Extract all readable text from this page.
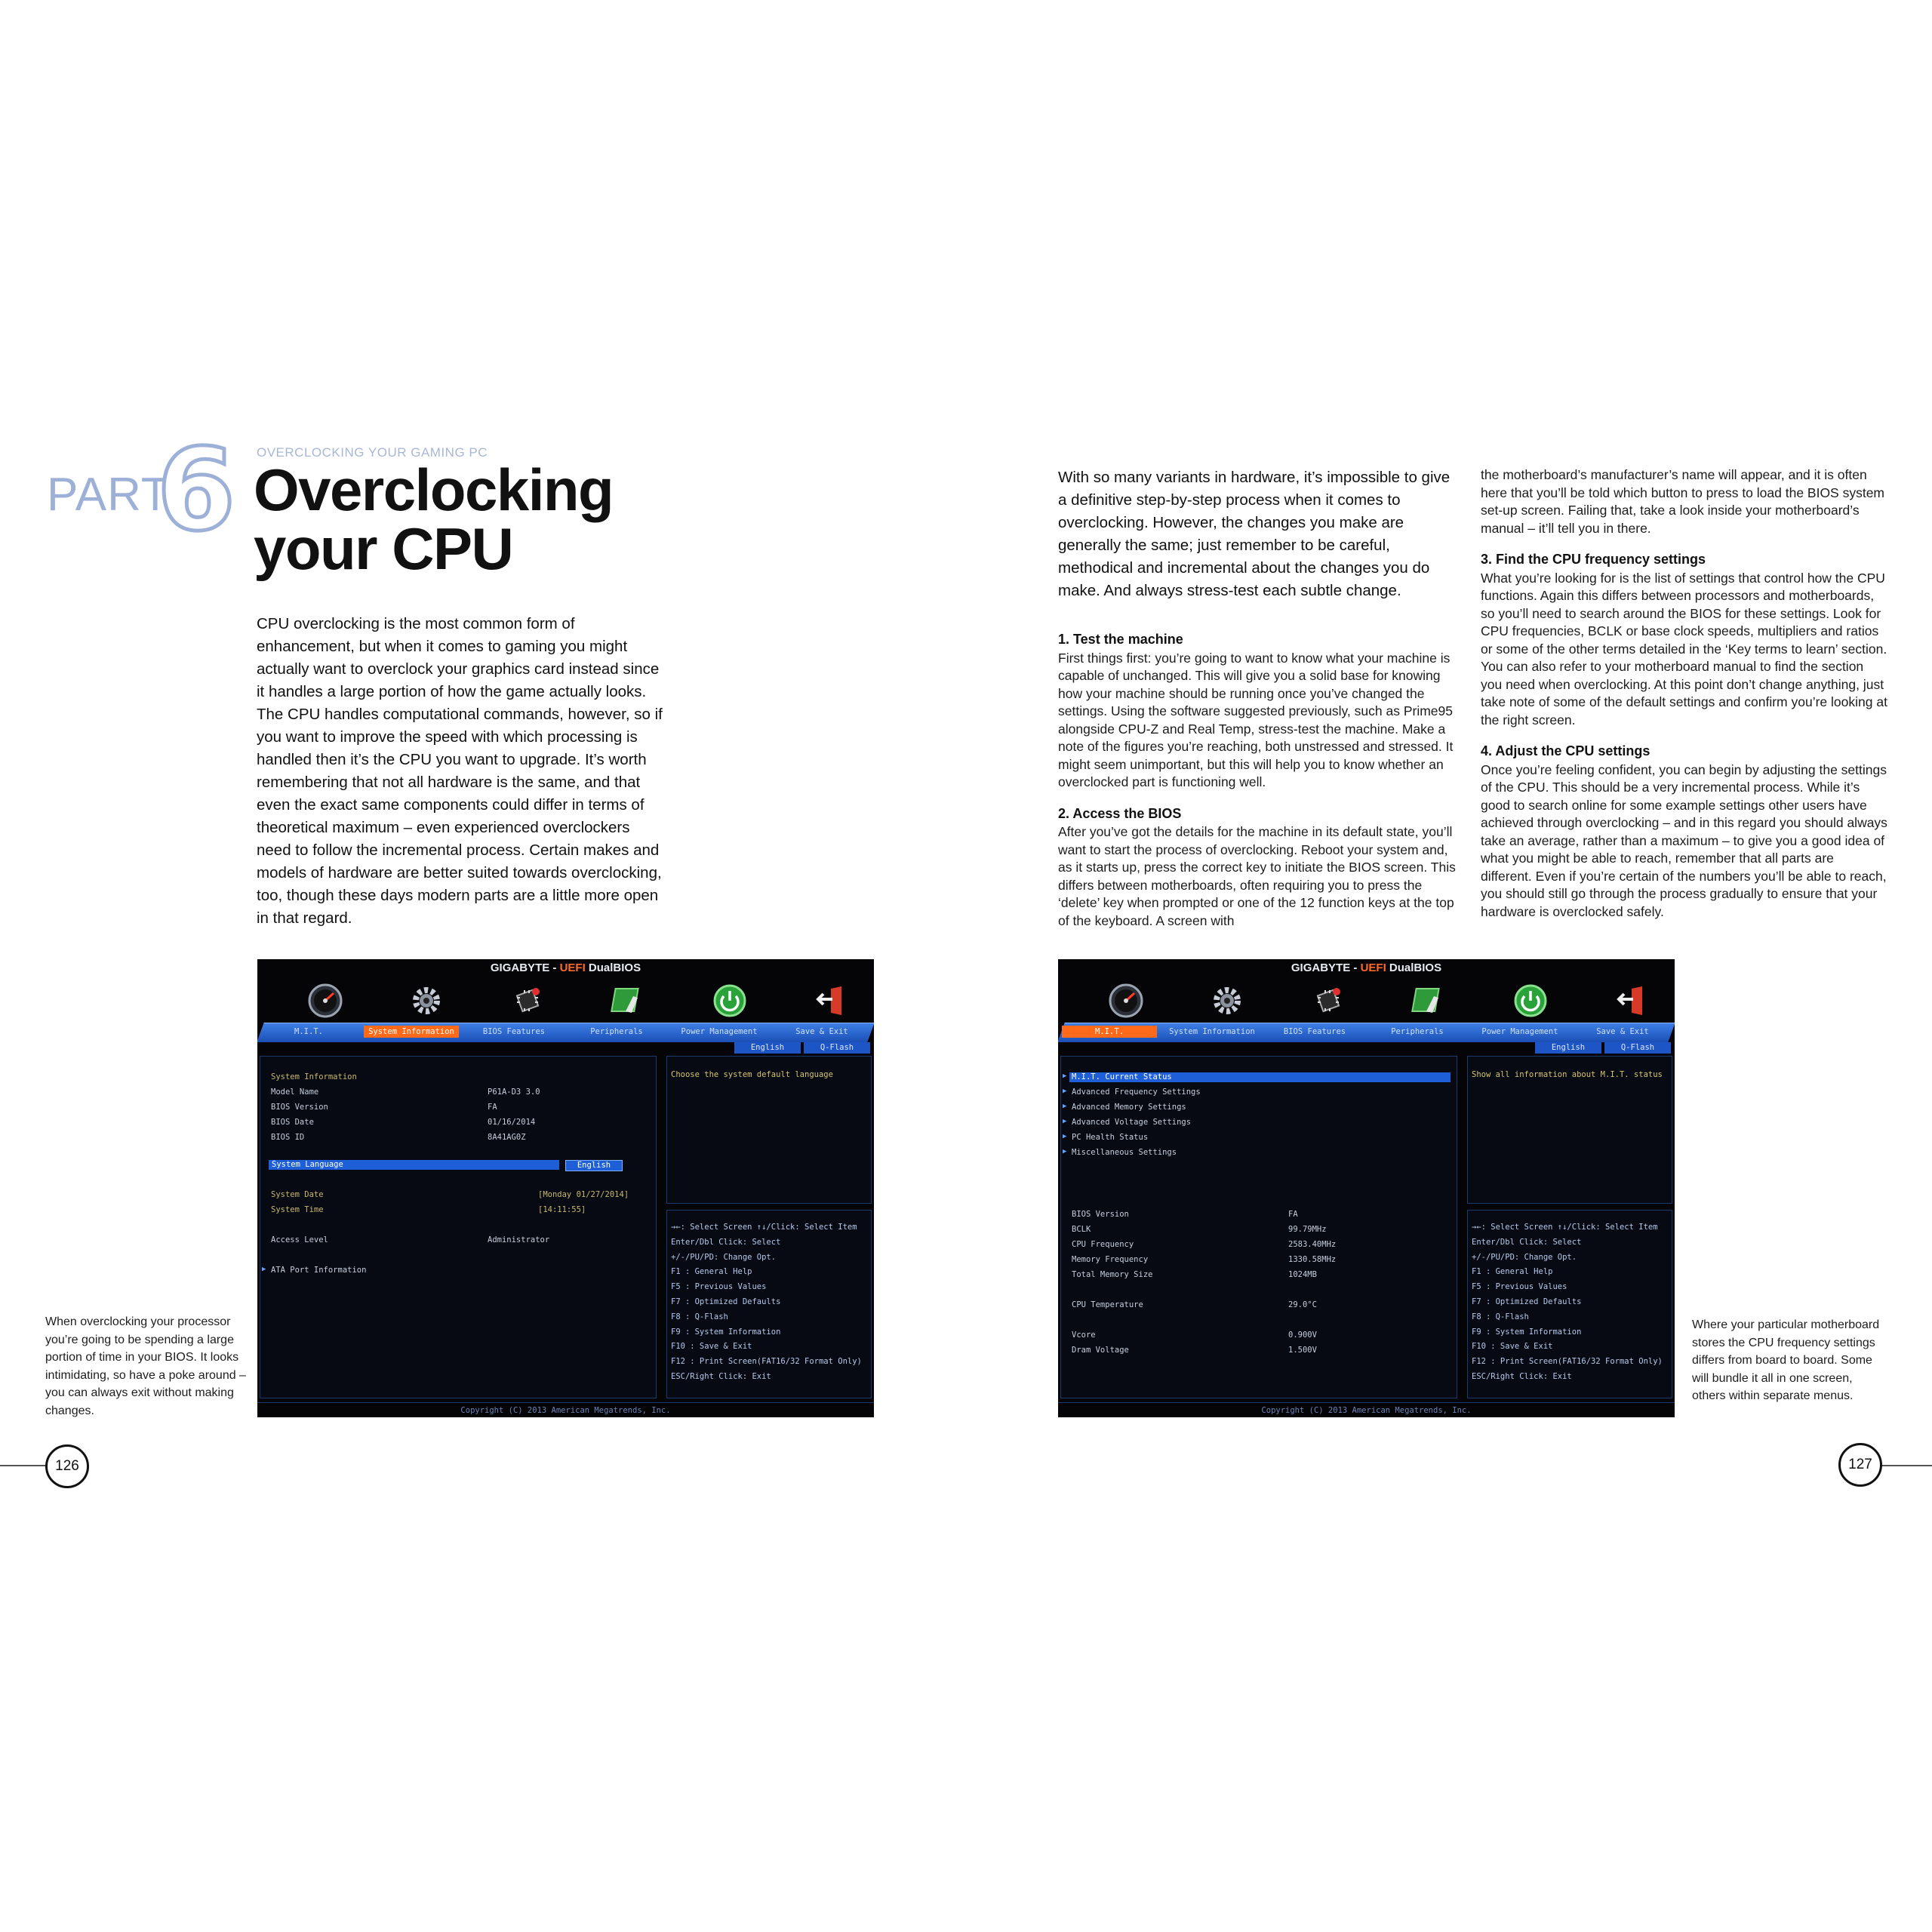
OVERCLOCKING YOUR GAMING PC
PART
6 Overclocking
your CPU
CPU overclocking is the most common form of enhancement, but when it comes to gaming you might actually want to overclock your graphics card instead since it handles a large portion of how the game actually looks. The CPU handles computational commands, however, so if you want to improve the speed with which processing is handled then it’s the CPU you want to upgrade. It’s worth remembering that not all hardware is the same, and that even the exact same components could differ in terms of theoretical maximum – even experienced overclockers need to follow the incremental process. Certain makes and models of hardware are better suited towards overclocking, too, though these days modern parts are a little more open in that regard.
GIGABYTE - UEFI DualBIOS
M.I.T.	System Information	BIOS Features	Peripherals	Power Management	Save & Exit
English	Q-Flash
Choose the system default language
→←: Select Screen ↑↓/Click: Select Item
Enter/Dbl Click: Select
+/-/PU/PD: Change Opt.
F1 : General Help
F5 : Previous Values
F7 : Optimized Defaults
F8 : Q-Flash
F9 : System Information
F10 : Save & Exit
F12 : Print Screen(FAT16/32 Format Only)
ESC/Right Click: Exit
Copyright (C) 2013 American Megatrends, Inc.
System Information
Model Name	P61A-D3 3.0
BIOS Version	FA
BIOS Date	01/16/2014
BIOS ID	8A41AG0Z
System Language	English
System Date	[Monday 01/27/2014]
System Time	[14:11:55]
Access Level	Administrator
▶ ATA Port Information
When overclocking your processor you’re going to be spending a large portion of time in your BIOS. It looks intimidating, so have a poke around – you can always exit without making changes.
126
With so many variants in hardware, it’s impossible to give a definitive step-by-step process when it comes to overclocking. However, the changes you make are generally the same; just remember to be careful, methodical and incremental about the changes you do make. And always stress-test each subtle change.
1. Test the machine

First things first: you’re going to want to know what your machine is capable of unchanged. This will give you a solid base for knowing how your machine should be running once you’ve changed the settings. Using the software suggested previously, such as Prime95 alongside CPU-Z and Real Temp, stress-test the machine. Make a note of the figures you’re reaching, both unstressed and stressed. It might seem unimportant, but this will help you to know whether an overclocked part is functioning well.

2. Access the BIOS

After you’ve got the details for the machine in its default state, you’ll want to start the process of overclocking. Reboot your system and, as it starts up, press the correct key to initiate the BIOS screen. This differs between motherboards, often requiring you to press the ‘delete’ key when prompted or one of the 12 function keys at the top of the keyboard. A screen with

the motherboard’s manufacturer’s name will appear, and it is often here that you’ll be told which button to press to load the BIOS system set-up screen. Failing that, take a look inside your motherboard’s manual – it’ll tell you in there.

3. Find the CPU frequency settings

What you’re looking for is the list of settings that control how the CPU functions. Again this differs between processors and motherboards, so you’ll need to search around the BIOS for these settings. Look for CPU frequencies, BCLK or base clock speeds, multipliers and ratios or some of the other terms detailed in the ‘Key terms to learn’ section. You can also refer to your motherboard manual to find the section you need when overclocking. At this point don’t change anything, just take note of some of the default settings and confirm you’re looking at the right screen.

4. Adjust the CPU settings

Once you’re feeling confident, you can begin by adjusting the settings of the CPU. This should be a very incremental process. While it’s good to search online for some example settings other users have achieved through overclocking – and in this regard you should always take an average, rather than a maximum – to give you a good idea of what you might be able to reach, remember that all parts are different. Even if you’re certain of the numbers you’ll be able to reach, you should still go through the process gradually to ensure that your hardware is overclocked safely.

GIGABYTE - UEFI DualBIOS
M.I.T.	System Information	BIOS Features	Peripherals	Power Management	Save & Exit
English	Q-Flash
Show all information about M.I.T. status
→←: Select Screen ↑↓/Click: Select Item
Enter/Dbl Click: Select
+/-/PU/PD: Change Opt.
F1 : General Help
F5 : Previous Values
F7 : Optimized Defaults
F8 : Q-Flash
F9 : System Information
F10 : Save & Exit
F12 : Print Screen(FAT16/32 Format Only)
ESC/Right Click: Exit
Copyright (C) 2013 American Megatrends, Inc.
▶ M.I.T. Current Status
▶ Advanced Frequency Settings
▶ Advanced Memory Settings
▶ Advanced Voltage Settings
▶ PC Health Status
▶ Miscellaneous Settings
BIOS Version	FA
BCLK	99.79MHz
CPU Frequency	2583.40MHz
Memory Frequency	1330.58MHz
Total Memory Size	1024MB
CPU Temperature	29.0°C
Vcore	0.900V
Dram Voltage	1.500V
Where your particular motherboard stores the CPU frequency settings differs from board to board. Some will bundle it all in one screen, others within separate menus.
127
